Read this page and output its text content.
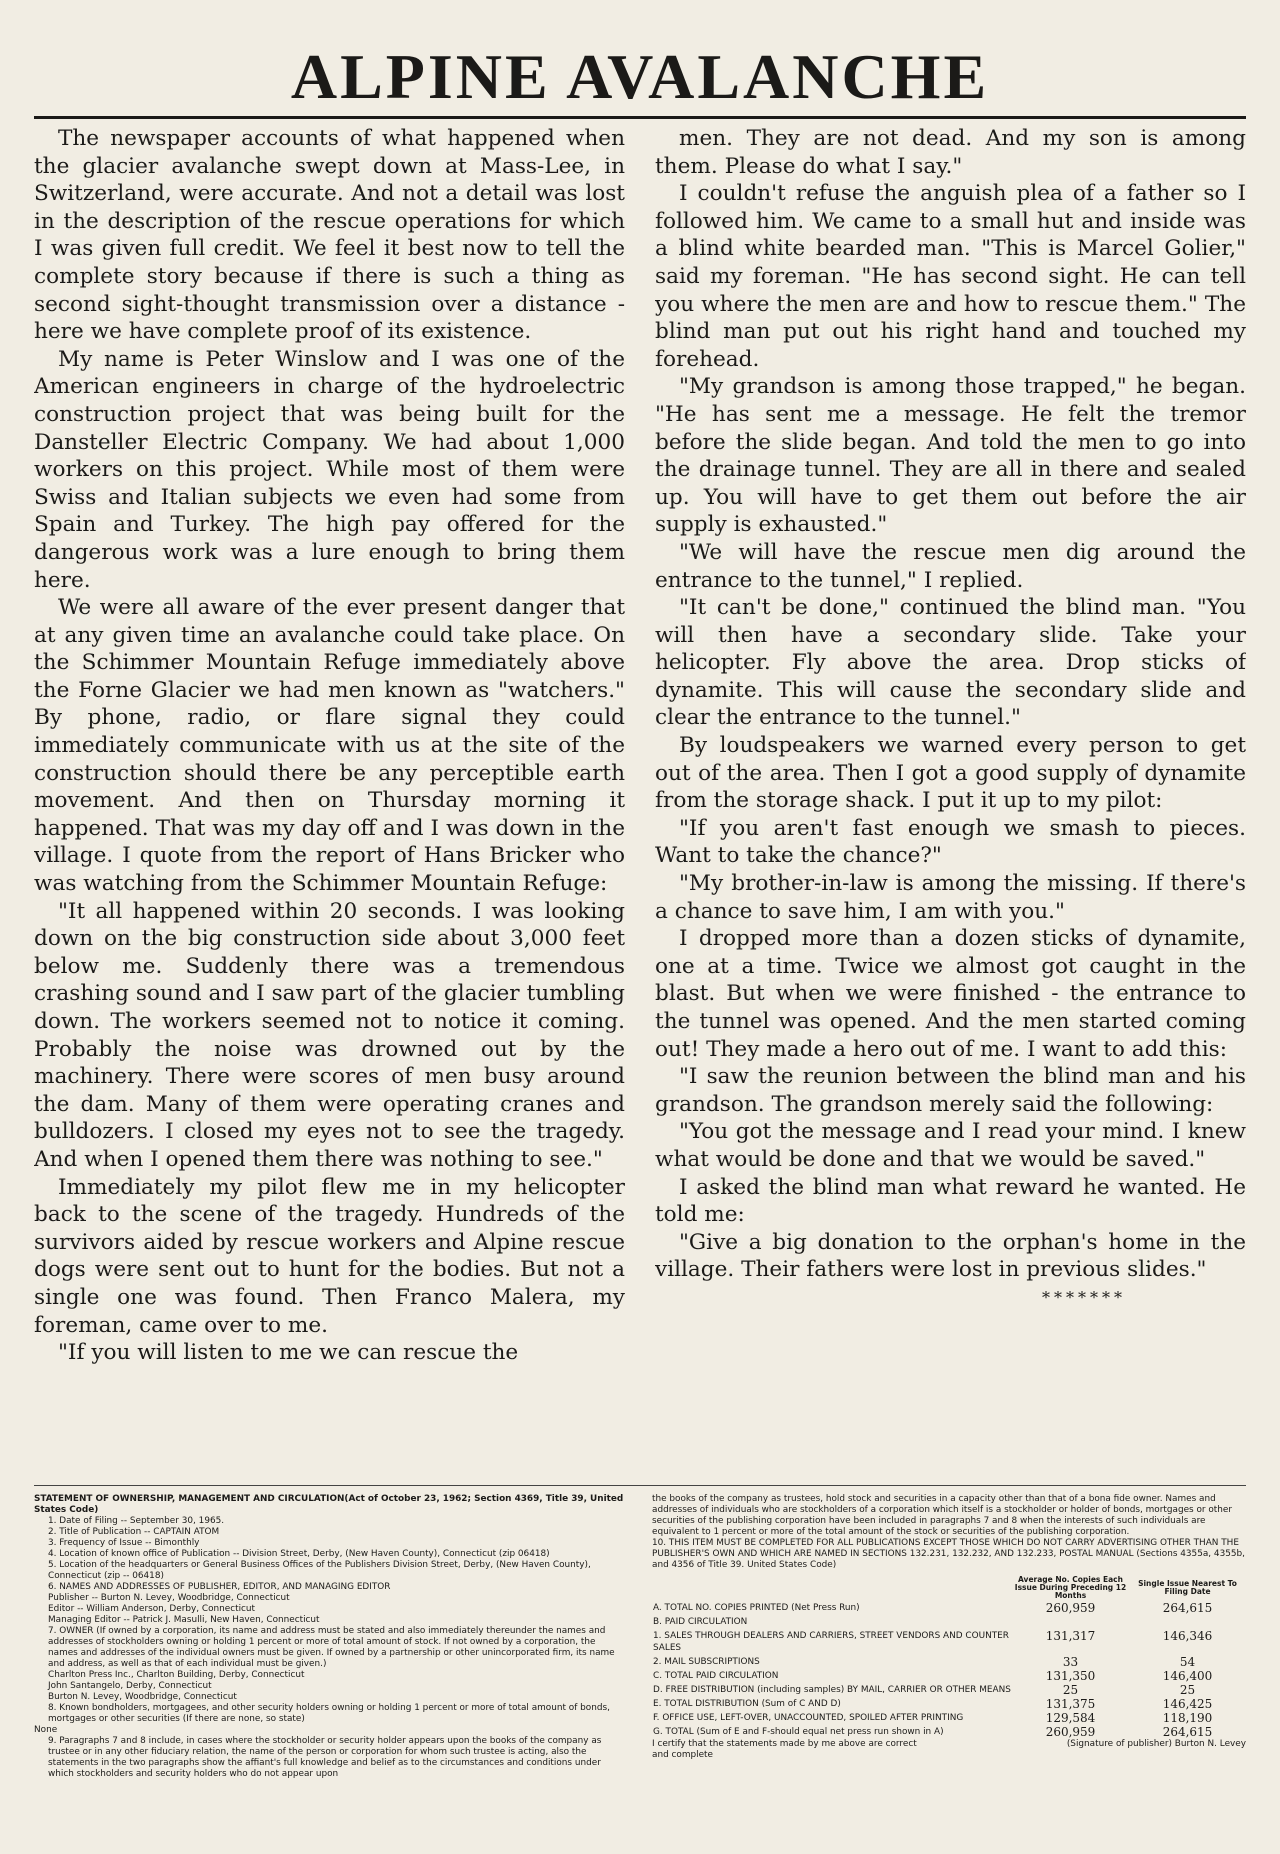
ALPINE AVALANCHE

The newspaper accounts of what happened when the glacier avalanche swept down at Mass-Lee, in Switzerland, were accurate. And not a detail was lost in the description of the rescue operations for which I was given full credit. We feel it best now to tell the complete story because if there is such a thing as second sight-thought transmission over a distance - here we have complete proof of its existence.

My name is Peter Winslow and I was one of the American engineers in charge of the hydroelectric construction project that was being built for the Dansteller Electric Company. We had about 1,000 workers on this project. While most of them were Swiss and Italian subjects we even had some from Spain and Turkey. The high pay offered for the dangerous work was a lure enough to bring them here.

We were all aware of the ever present danger that at any given time an avalanche could take place. On the Schimmer Mountain Refuge immediately above the Forne Glacier we had men known as "watchers." By phone, radio, or flare signal they could immediately communicate with us at the site of the construction should there be any perceptible earth movement. And then on Thursday morning it happened. That was my day off and I was down in the village. I quote from the report of Hans Bricker who was watching from the Schimmer Mountain Refuge:

"It all happened within 20 seconds. I was looking down on the big construction side about 3,000 feet below me. Suddenly there was a tremendous crashing sound and I saw part of the glacier tumbling down. The workers seemed not to notice it coming. Probably the noise was drowned out by the machinery. There were scores of men busy around the dam. Many of them were operating cranes and bulldozers. I closed my eyes not to see the tragedy. And when I opened them there was nothing to see."

Immediately my pilot flew me in my helicopter back to the scene of the tragedy. Hundreds of the survivors aided by rescue workers and Alpine rescue dogs were sent out to hunt for the bodies. But not a single one was found. Then Franco Malera, my foreman, came over to me.

"If you will listen to me we can rescue the

men. They are not dead. And my son is among them. Please do what I say."

I couldn't refuse the anguish plea of a father so I followed him. We came to a small hut and inside was a blind white bearded man. "This is Marcel Golier," said my foreman. "He has second sight. He can tell you where the men are and how to rescue them." The blind man put out his right hand and touched my forehead.

"My grandson is among those trapped," he began. "He has sent me a message. He felt the tremor before the slide began. And told the men to go into the drainage tunnel. They are all in there and sealed up. You will have to get them out before the air supply is exhausted."

"We will have the rescue men dig around the entrance to the tunnel," I replied.

"It can't be done," continued the blind man. "You will then have a secondary slide. Take your helicopter. Fly above the area. Drop sticks of dynamite. This will cause the secondary slide and clear the entrance to the tunnel."

By loudspeakers we warned every person to get out of the area. Then I got a good supply of dynamite from the storage shack. I put it up to my pilot:

"If you aren't fast enough we smash to pieces. Want to take the chance?"

"My brother-in-law is among the missing. If there's a chance to save him, I am with you."

I dropped more than a dozen sticks of dynamite, one at a time. Twice we almost got caught in the blast. But when we were finished - the entrance to the tunnel was opened. And the men started coming out! They made a hero out of me. I want to add this:

"I saw the reunion between the blind man and his grandson. The grandson merely said the following:

"You got the message and I read your mind. I knew what would be done and that we would be saved."

I asked the blind man what reward he wanted. He told me:

"Give a big donation to the orphan's home in the village. Their fathers were lost in previous slides."

*******
STATEMENT OF OWNERSHIP, MANAGEMENT AND CIRCULATION(Act of October 23, 1962; Section 4369, Title 39, United States Code)
1. Date of Filing -- September 30, 1965.
2. Title of Publication -- CAPTAIN ATOM
3. Frequency of Issue -- Bimonthly
4. Location of known office of Publication -- Division Street, Derby, (New Haven County), Connecticut (zip 06418)
5. Location of the headquarters or General Business Offices of the Publishers Division Street, Derby, (New Haven County), Connecticut (zip -- 06418)
6. NAMES AND ADDRESSES OF PUBLISHER, EDITOR, AND MANAGING EDITOR
Publisher -- Burton N. Levey, Woodbridge, Connecticut
Editor -- William Anderson, Derby, Connecticut
Managing Editor -- Patrick J. Masulli, New Haven, Connecticut
7. OWNER (If owned by a corporation, its name and address must be stated and also immediately thereunder the names and addresses of stockholders owning or holding 1 percent or more of total amount of stock. If not owned by a corporation, the names and addresses of the individual owners must be given. If owned by a partnership or other unincorporated firm, its name and address, as well as that of each individual must be given.)
Charlton Press Inc., Charlton Building, Derby, Connecticut
John Santangelo, Derby, Connecticut
Burton N. Levey, Woodbridge, Connecticut
8. Known bondholders, mortgagees, and other security holders owning or holding 1 percent or more of total amount of bonds, mortgages or other securities (If there are none, so state)
None
9. Paragraphs 7 and 8 include, in cases where the stockholder or security holder appears upon the books of the company as trustee or in any other fiduciary relation, the name of the person or corporation for whom such trustee is acting, also the statements in the two paragraphs show the affiant's full knowledge and belief as to the circumstances and conditions under which stockholders and security holders who do not appear upon
the books of the company as trustees, hold stock and securities in a capacity other than that of a bona fide owner. Names and addresses of individuals who are stockholders of a corporation which itself is a stockholder or holder of bonds, mortgages or other securities of the publishing corporation have been included in paragraphs 7 and 8 when the interests of such individuals are equivalent to 1 percent or more of the total amount of the stock or securities of the publishing corporation.
10. THIS ITEM MUST BE COMPLETED FOR ALL PUBLICATIONS EXCEPT THOSE WHICH DO NOT CARRY ADVERTISING OTHER THAN THE PUBLISHER'S OWN AND WHICH ARE NAMED IN SECTIONS 132.231, 132.232, AND 132.233, POSTAL MANUAL (Sections 4355a, 4355b, and 4356 of Title 39. United States Code)
	Average No. Copies Each Issue During Preceding 12 Months	Single Issue Nearest To Filing Date
A. TOTAL NO. COPIES PRINTED (Net Press Run)	260,959	264,615
B. PAID CIRCULATION		
1. SALES THROUGH DEALERS AND CARRIERS, STREET VENDORS AND COUNTER SALES	131,317	146,346
2. MAIL SUBSCRIPTIONS	33	54
C. TOTAL PAID CIRCULATION	131,350	146,400
D. FREE DISTRIBUTION (including samples) BY MAIL, CARRIER OR OTHER MEANS	25	25
E. TOTAL DISTRIBUTION (Sum of C AND D)	131,375	146,425
F. OFFICE USE, LEFT-OVER, UNACCOUNTED, SPOILED AFTER PRINTING	129,584	118,190
G. TOTAL (Sum of E and F-should equal net press run shown in A)	260,959	264,615
I certify that the statements made by me above are correct and complete
(Signature of publisher) Burton N. Levey
